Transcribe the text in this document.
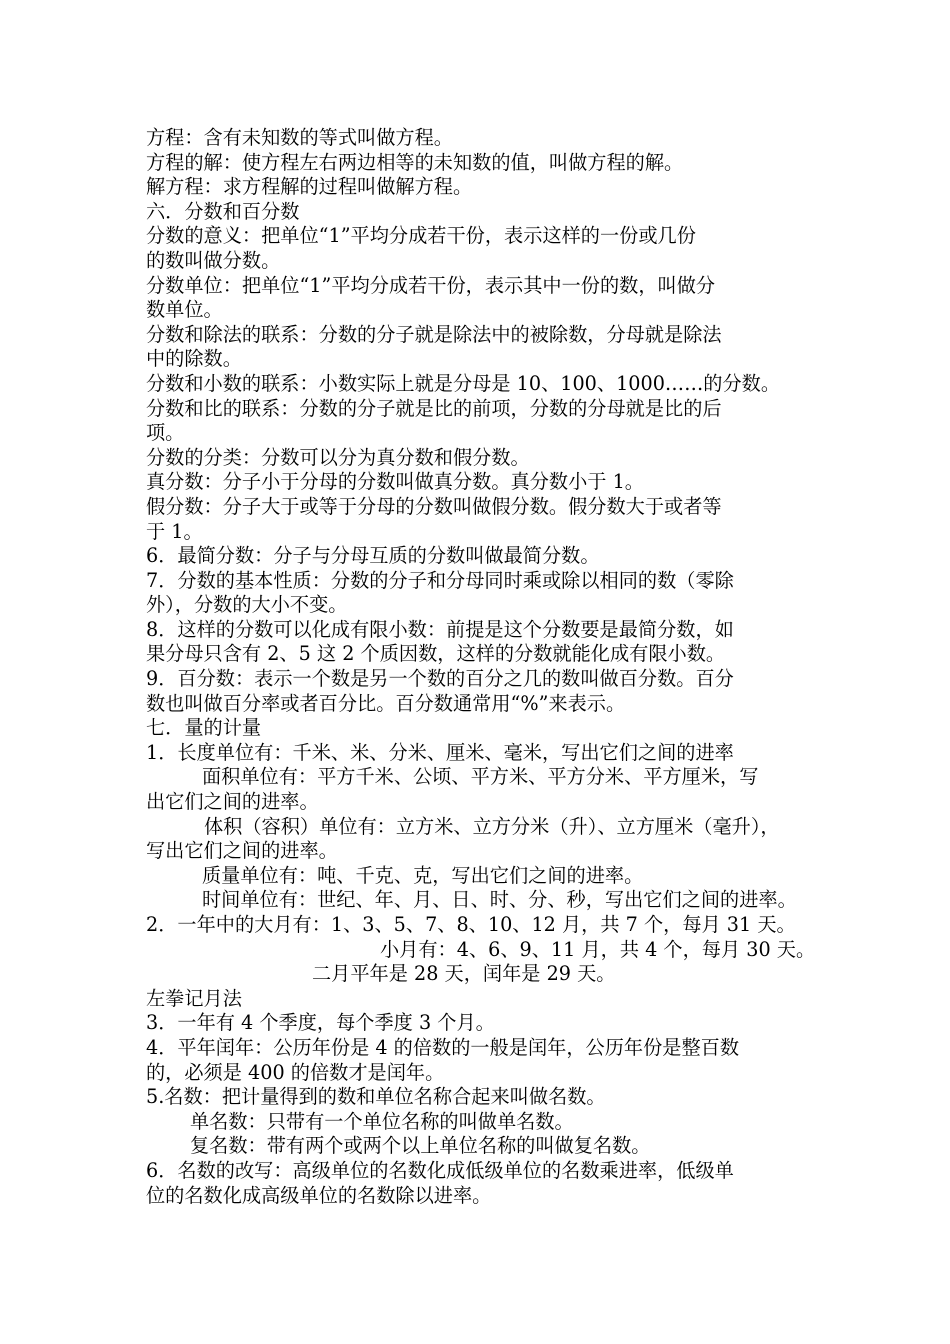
方程：含有未知数的等式叫做方程。
方程的解：使方程左右两边相等的未知数的值，叫做方程的解。
解方程：求方程解的过程叫做解方程。
六．分数和百分数
分数的意义：把单位“1”平均分成若干份，表示这样的一份或几份
的数叫做分数。
分数单位：把单位“1”平均分成若干份，表示其中一份的数，叫做分
数单位。
分数和除法的联系：分数的分子就是除法中的被除数，分母就是除法
中的除数。
分数和小数的联系：小数实际上就是分母是 10、100、1000……的分数。
分数和比的联系：分数的分子就是比的前项，分数的分母就是比的后
项。
分数的分类：分数可以分为真分数和假分数。
真分数：分子小于分母的分数叫做真分数。真分数小于 1。
假分数：分子大于或等于分母的分数叫做假分数。假分数大于或者等
于 1。
6．最简分数：分子与分母互质的分数叫做最简分数。
7．分数的基本性质：分数的分子和分母同时乘或除以相同的数（零除
外），分数的大小不变。
8．这样的分数可以化成有限小数：前提是这个分数要是最简分数，如
果分母只含有 2、5 这 2 个质因数，这样的分数就能化成有限小数。
9．百分数：表示一个数是另一个数的百分之几的数叫做百分数。百分
数也叫做百分率或者百分比。百分数通常用“%”来表示。
七．量的计量
1．长度单位有：千米、米、分米、厘米、毫米，写出它们之间的进率
面积单位有：平方千米、公顷、平方米、平方分米、平方厘米，写
出它们之间的进率。
体积（容积）单位有：立方米、立方分米（升）、立方厘米（毫升），
写出它们之间的进率。
质量单位有：吨、千克、克，写出它们之间的进率。
时间单位有：世纪、年、月、日、时、分、秒，写出它们之间的进率。
2．一年中的大月有：1、3、5、7、8、10、12 月，共 7 个，每月 31 天。
小月有：4、6、9、11 月，共 4 个，每月 30 天。
二月平年是 28 天，闰年是 29 天。
左拳记月法
3．一年有 4 个季度，每个季度 3 个月。
4．平年闰年：公历年份是 4 的倍数的一般是闰年，公历年份是整百数
的，必须是 400 的倍数才是闰年。
5.名数：把计量得到的数和单位名称合起来叫做名数。
单名数：只带有一个单位名称的叫做单名数。
复名数：带有两个或两个以上单位名称的叫做复名数。
6．名数的改写：高级单位的名数化成低级单位的名数乘进率，低级单
位的名数化成高级单位的名数除以进率。
